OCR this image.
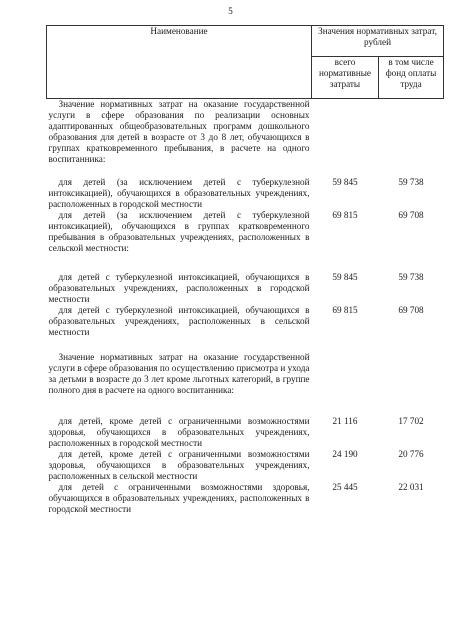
5
Наименование	Значения нормативных затрат, рублей	
	всего нормативные затраты	в том числе фонд оплаты труда
Значение нормативных затрат на оказание государственной услуги в сфере образования по реализации основных адаптированных общеобразовательных программ дошкольного образования для детей в возрасте от 3 до 8 лет, обучающихся в группах кратковременного пребывания, в расчете на одного воспитанника:		

для детей (за исключением детей с туберкулезной интоксикацией), обучающихся в образовательных учреждениях, расположенных в городской местности	59 845	59 738
для детей (за исключением детей с туберкулезной интоксикацией), обучающихся в группах кратковременного пребывания в образовательных учреждениях, расположенных в сельской местности:	69 815	69 708

для детей с туберкулезной интоксикацией, обучающихся в образовательных учреждениях, расположенных в городской местности	59 845	59 738
для детей с туберкулезной интоксикацией, обучающихся в образовательных учреждениях, расположенных в сельской местности	69 815	69 708

Значение нормативных затрат на оказание государственной услуги в сфере образования по осуществлению присмотра и ухода за детьми в возрасте до 3 лет кроме льготных категорий, в группе полного дня в расчете на одного воспитанника:		

для детей, кроме детей с ограниченными возможностями здоровья, обучающихся в образовательных учреждениях, расположенных в городской местности	21 116	17 702
для детей, кроме детей с ограниченными возможностями здоровья, обучающихся в образовательных учреждениях, расположенных в сельской местности	24 190	20 776
для детей с ограниченными возможностями здоровья, обучающихся в образовательных учреждениях, расположенных в городской местности	25 445	22 031
